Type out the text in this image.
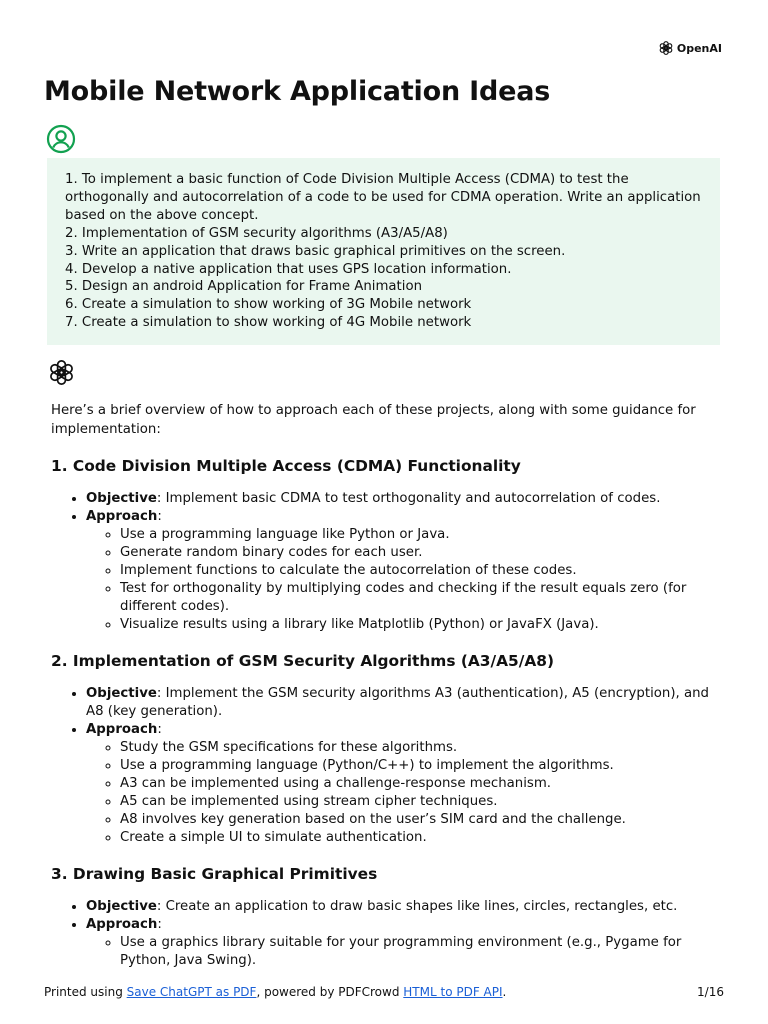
OpenAI
Mobile Network Application Ideas

1. To implement a basic function of Code Division Multiple Access (CDMA) to test the

orthogonally and autocorrelation of a code to be used for CDMA operation. Write an application

based on the above concept.

2. Implementation of GSM security algorithms (A3/A5/A8)

3. Write an application that draws basic graphical primitives on the screen.

4. Develop a native application that uses GPS location information.

5. Design an android Application for Frame Animation

6. Create a simulation to show working of 3G Mobile network

7. Create a simulation to show working of 4G Mobile network

Here’s a brief overview of how to approach each of these projects, along with some guidance for implementation:

1. Code Division Multiple Access (CDMA) Functionality
• Objective: Implement basic CDMA to test orthogonality and autocorrelation of codes.
• Approach:
◦ Use a programming language like Python or Java.
◦ Generate random binary codes for each user.
◦ Implement functions to calculate the autocorrelation of these codes.
◦ Test for orthogonality by multiplying codes and checking if the result equals zero (for different codes).
◦ Visualize results using a library like Matplotlib (Python) or JavaFX (Java).
2. Implementation of GSM Security Algorithms (A3/A5/A8)
• Objective: Implement the GSM security algorithms A3 (authentication), A5 (encryption), and A8 (key generation).
• Approach:
◦ Study the GSM specifications for these algorithms.
◦ Use a programming language (Python/C++) to implement the algorithms.
◦ A3 can be implemented using a challenge-response mechanism.
◦ A5 can be implemented using stream cipher techniques.
◦ A8 involves key generation based on the user’s SIM card and the challenge.
◦ Create a simple UI to simulate authentication.
3. Drawing Basic Graphical Primitives
• Objective: Create an application to draw basic shapes like lines, circles, rectangles, etc.
• Approach:
◦ Use a graphics library suitable for your programming environment (e.g., Pygame for Python, Java Swing).
Printed using Save ChatGPT as PDF, powered by PDFCrowd HTML to PDF API.	1/16
